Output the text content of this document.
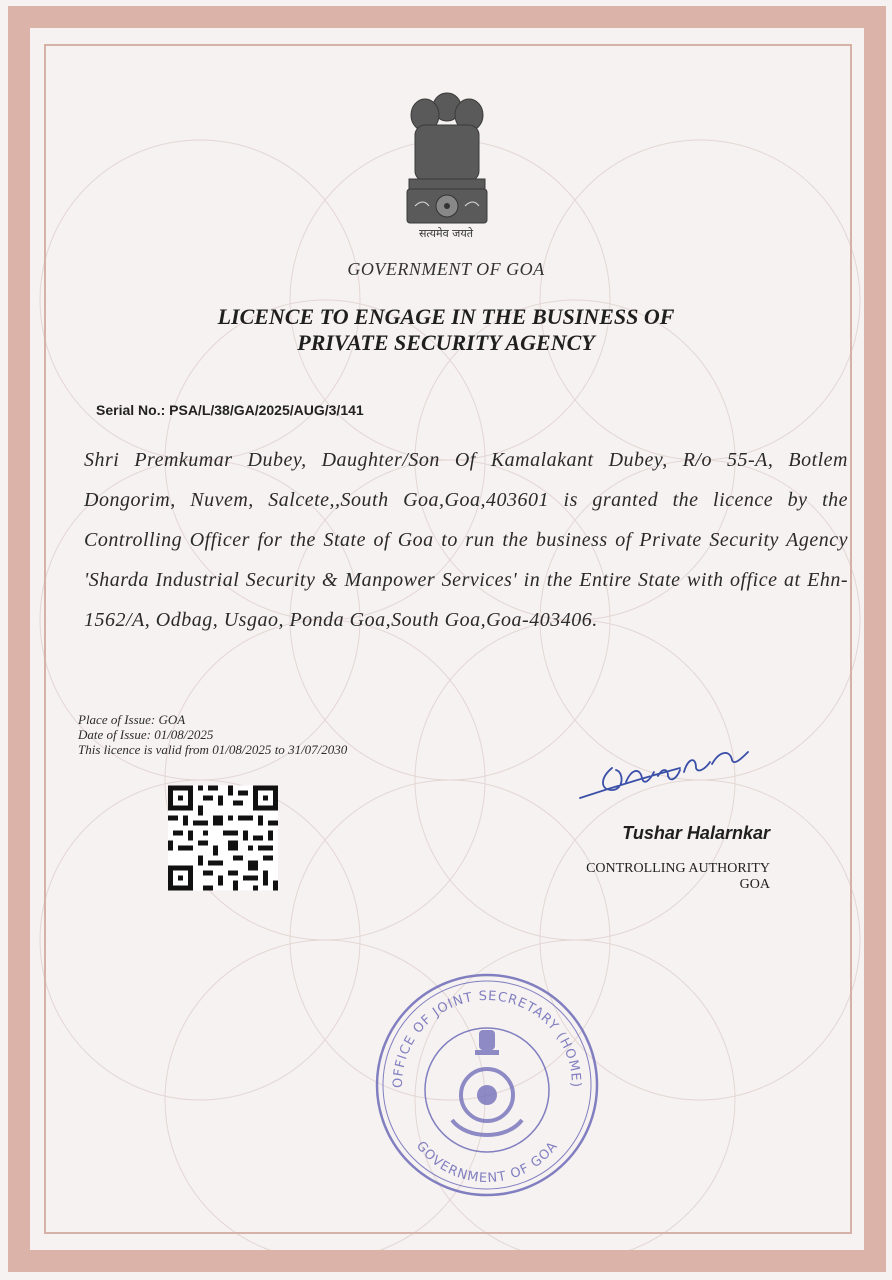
सत्यमेव जयते
GOVERNMENT OF GOA
LICENCE TO ENGAGE IN THE BUSINESS OF
PRIVATE SECURITY AGENCY
Serial No.: PSA/L/38/GA/2025/AUG/3/141
Shri Premkumar Dubey, Daughter/Son Of Kamalakant Dubey, R/o 55-A, Botlem Dongorim, Nuvem, Salcete,,South Goa,Goa,403601 is granted the licence by the Controlling Officer for the State of Goa to run the business of Private Security Agency 'Sharda Industrial Security & Manpower Services' in the Entire State with office at Ehn-1562/A, Odbag, Usgao, Ponda Goa,South Goa,Goa-403406.
Place of Issue: GOA
Date of Issue: 01/08/2025
This licence is valid from 01/08/2025 to 31/07/2030
Tushar Halarnkar
CONTROLLING AUTHORITY
GOA
OFFICE OF JOINT SECRETARY (HOME)
GOVERNMENT OF GOA
